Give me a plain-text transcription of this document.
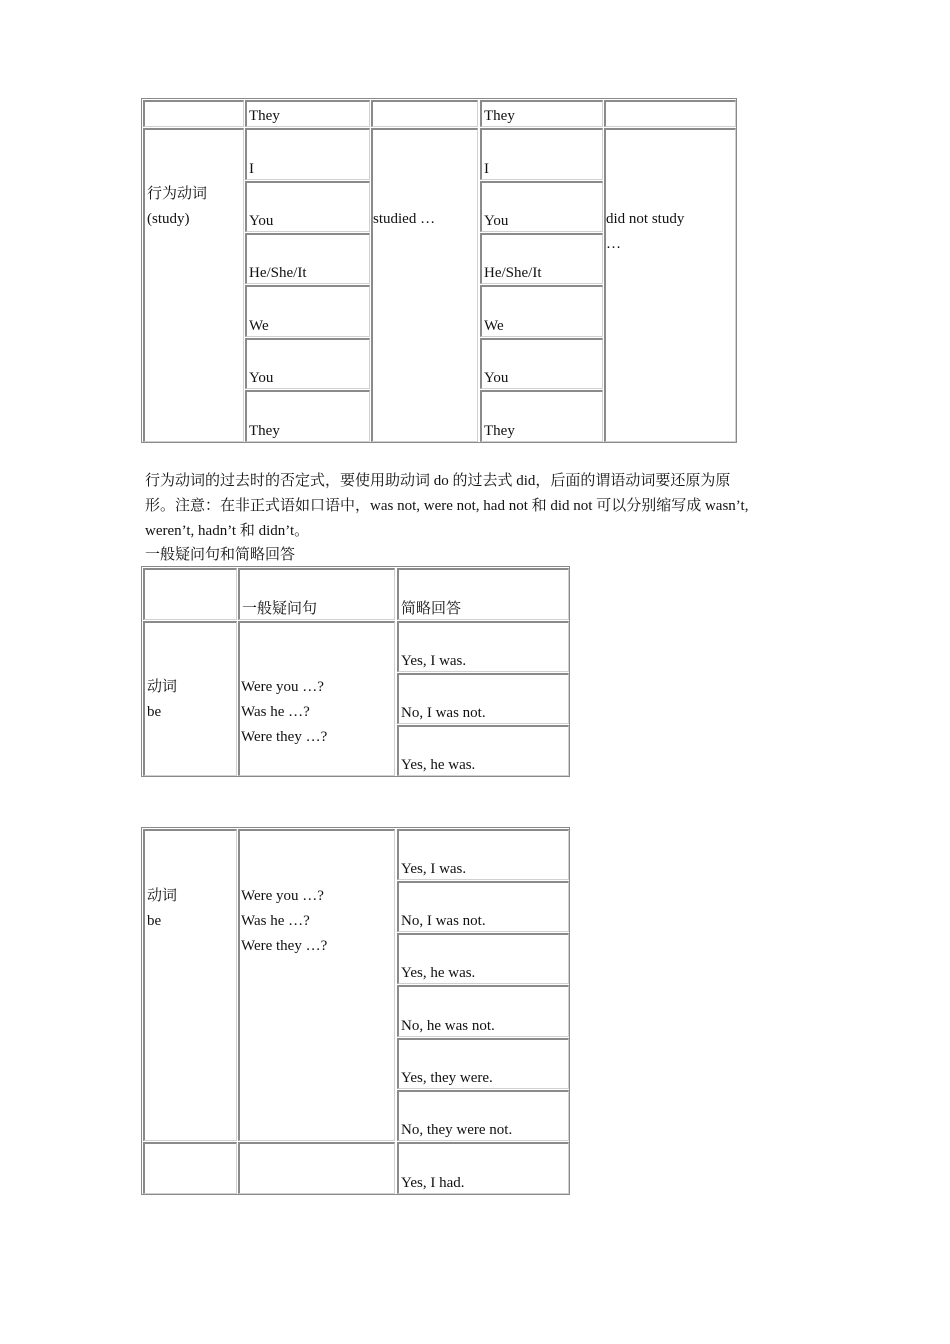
They	They
行为动词
(study)
I
You
He/She/It
We
You
They
studied …
I
You
He/She/It
We
You
They
did not study
…
行为动词的过去时的否定式，要使用助动词 do 的过去式 did，后面的谓语动词要还原为原
形。注意：在非正式语如口语中，was not, were not, had not 和 did not 可以分别缩写成 wasn’t,
weren’t, hadn’t 和 didn’t。
一般疑问句和简略回答
一般疑问句	简略回答
动词
be
Were you …?
Was he …?
Were they …?
Yes, I was.
No, I was not.
Yes, he was.
动词
be
Were you …?
Was he …?
Were they …?
Yes, I was.
No, I was not.
Yes, he was.
No, he was not.
Yes, they were.
No, they were not.
Yes, I had.
